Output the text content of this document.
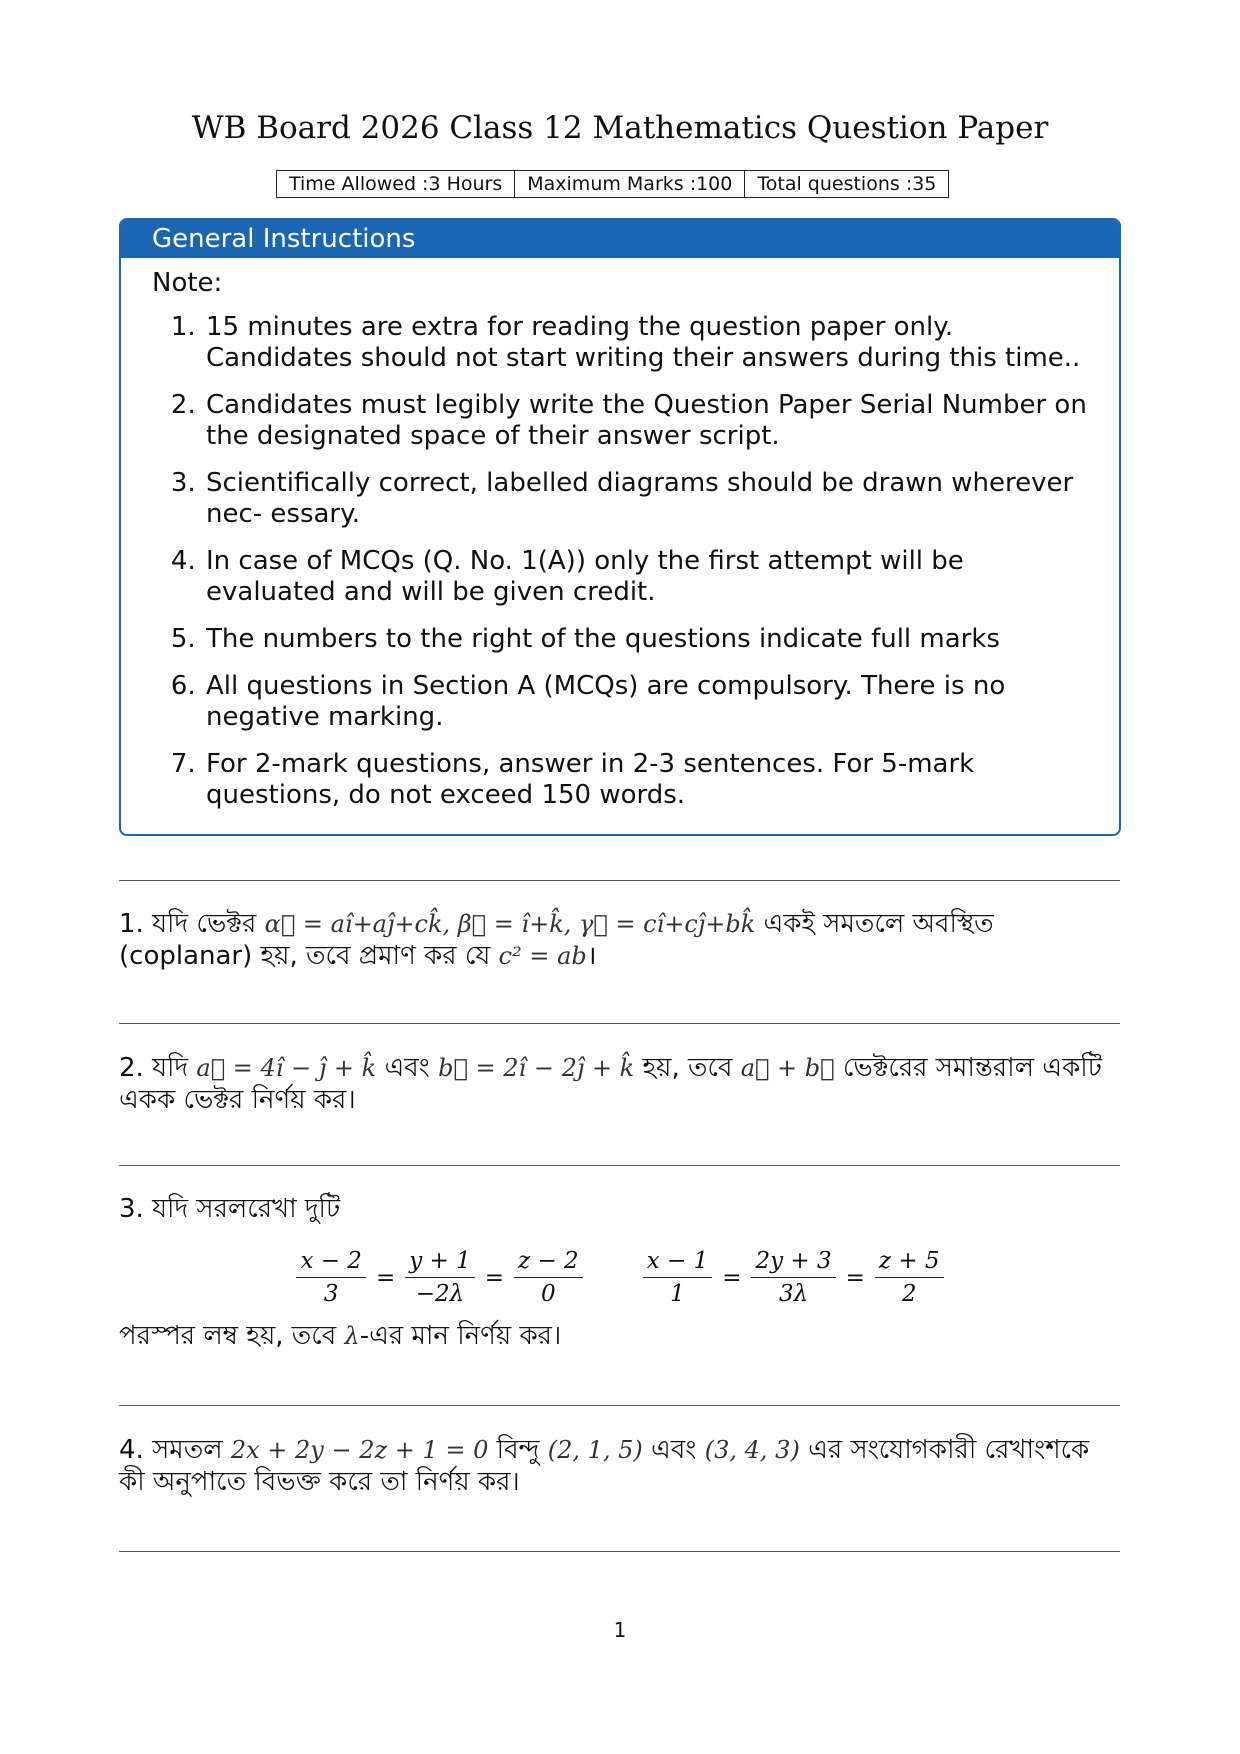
WB Board 2026 Class 12 Mathematics Question Paper
Time Allowed :3 Hours	Maximum Marks :100	Total questions :35
General Instructions
Note:
1. 15 minutes are extra for reading the question paper only. Candidates should not start writing their answers during this time..
2. Candidates must legibly write the Question Paper Serial Number on the designated space of their answer script.
3. Scientifically correct, labelled diagrams should be drawn wherever nec- essary.
4. In case of MCQs (Q. No. 1(A)) only the first attempt will be evaluated and will be given credit.
5. The numbers to the right of the questions indicate full marks
6. All questions in Section A (MCQs) are compulsory. There is no negative marking.
7. For 2-mark questions, answer in 2-3 sentences. For 5-mark questions, do not exceed 150 words.
1. যদি ভেক্টর α⃗ = aî+aĵ+ck̂, β⃗ = î+k̂, γ⃗ = cî+cĵ+bk̂ একই সমতলে অবস্থিত (coplanar) হয়, তবে প্রমাণ কর যে c² = ab।
2. যদি a⃗ = 4î − ĵ + k̂ এবং b⃗ = 2î − 2ĵ + k̂ হয়, তবে a⃗ + b⃗ ভেক্টরের সমান্তরাল একটি একক ভেক্টর নির্ণয় কর।
3. যদি সরলরেখা দুটি
$\frac{x - 2}{3} = \frac{y + 1}{-2\lambda} = \frac{z - 2}{0}$	$\frac{x - 1}{1} = \frac{2y + 3}{3\lambda} = \frac{z + 5}{2}$
পরস্পর লম্ব হয়, তবে λ-এর মান নির্ণয় কর।
4. সমতল 2x + 2y − 2z + 1 = 0 বিন্দু (2, 1, 5) এবং (3, 4, 3) এর সংযোগকারী রেখাংশকে কী অনুপাতে বিভক্ত করে তা নির্ণয় কর।
1
